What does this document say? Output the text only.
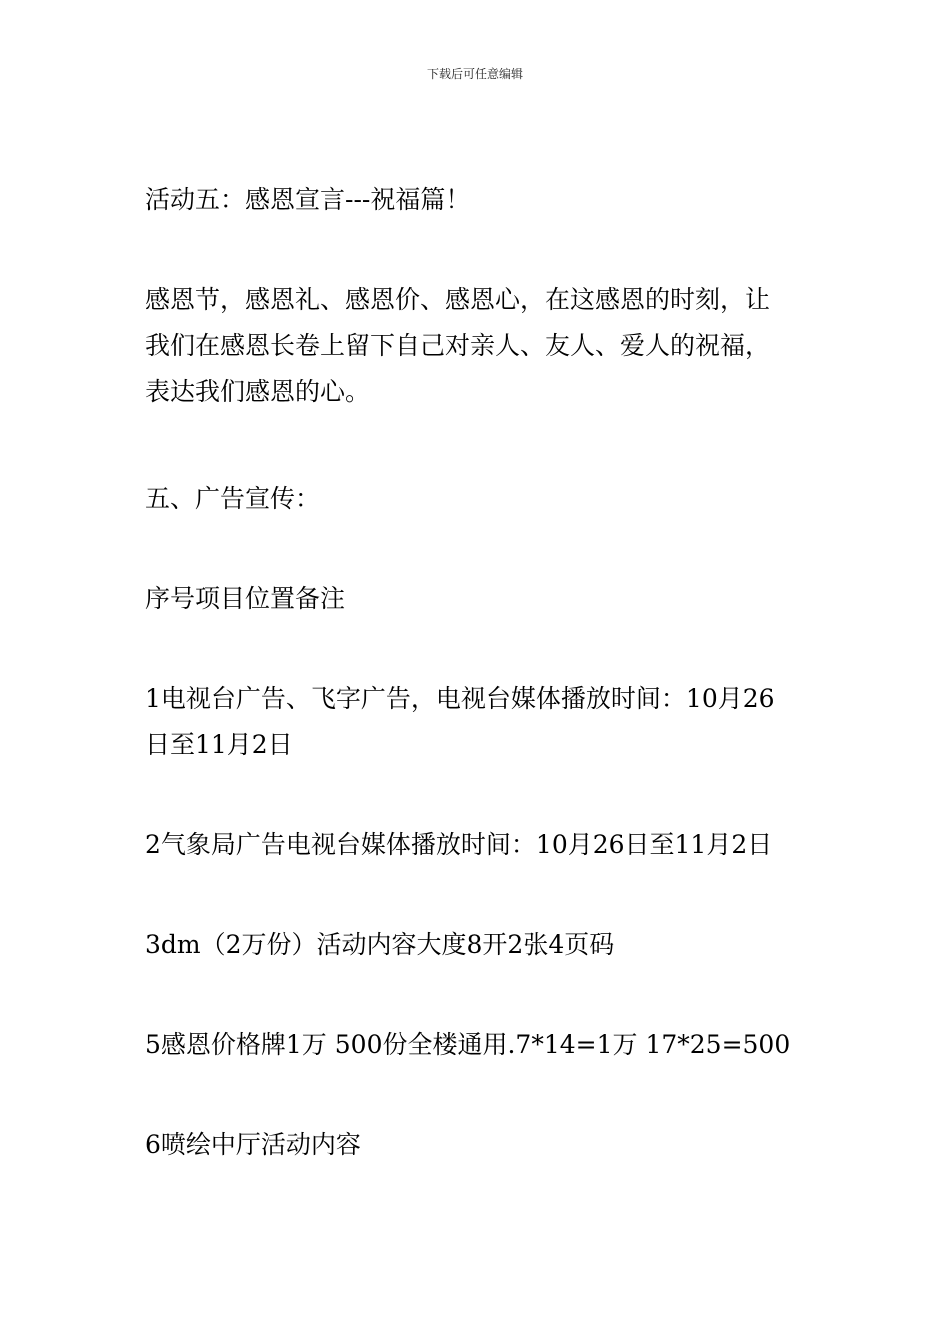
下载后可任意编辑

活动五：感恩宣言---祝福篇！

感恩节，感恩礼、感恩价、感恩心，在这感恩的时刻，让
我们在感恩长卷上留下自己对亲人、友人、爱人的祝福，
表达我们感恩的心。

五、广告宣传：

序号项目位置备注

1电视台广告、飞字广告，电视台媒体播放时间：10月26
日至11月2日

2气象局广告电视台媒体播放时间：10月26日至11月2日

3dm（2万份）活动内容大度8开2张4页码

5感恩价格牌1万 500份全楼通用.7*14=1万 17*25=500

6喷绘中厅活动内容
